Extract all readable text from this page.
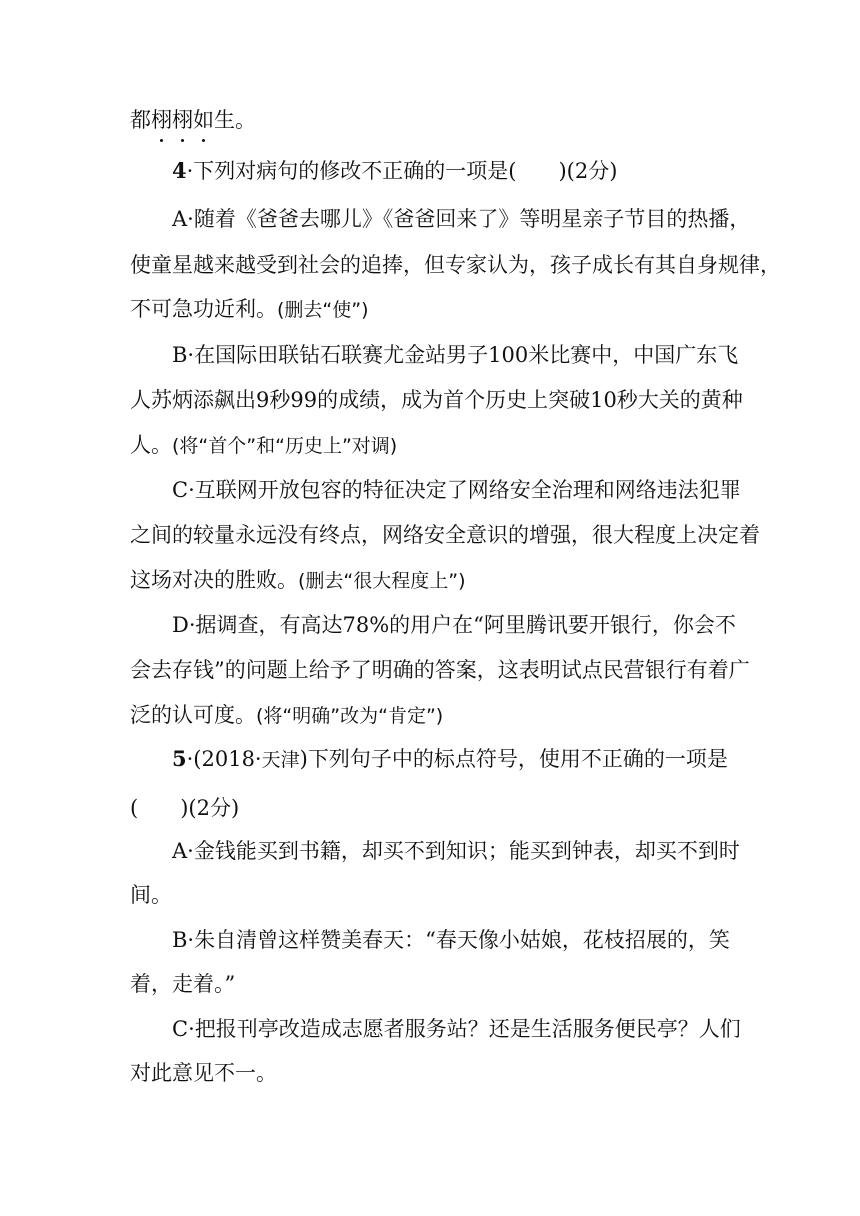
都栩栩如生。

4·下列对病句的修改不正确的一项是(　　)(2分)

A·随着《爸爸去哪儿》《爸爸回来了》等明星亲子节目的热播，

使童星越来越受到社会的追捧，但专家认为，孩子成长有其自身规律，

不可急功近利。(删去“使”)

B·在国际田联钻石联赛尤金站男子100米比赛中，中国广东飞

人苏炳添飙出9秒99的成绩，成为首个历史上突破10秒大关的黄种

人。(将“首个”和“历史上”对调)

C·互联网开放包容的特征决定了网络安全治理和网络违法犯罪

之间的较量永远没有终点，网络安全意识的增强，很大程度上决定着

这场对决的胜败。(删去“很大程度上”)

D·据调查，有高达78%的用户在“阿里腾讯要开银行，你会不

会去存钱”的问题上给予了明确的答案，这表明试点民营银行有着广

泛的认可度。(将“明确”改为“肯定”)

5·(2018·天津)下列句子中的标点符号，使用不正确的一项是

(　　)(2分)

A·金钱能买到书籍，却买不到知识；能买到钟表，却买不到时

间。

B·朱自清曾这样赞美春天：“春天像小姑娘，花枝招展的，笑

着，走着。”

C·把报刊亭改造成志愿者服务站？还是生活服务便民亭？人们

对此意见不一。
